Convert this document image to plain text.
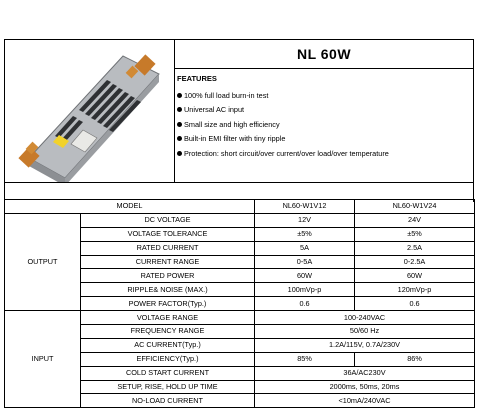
NL 60W
FEATURES
100% full load burn-in test
Universal AC input
Small size and high efficiency
Built-in EMI filter with tiny ripple
Protection: short circuit/over current/over load/over temperature
MODEL		NL60-W1V12	NL60-W1V24
OUTPUT	DC VOLTAGE	12V	24V
	VOLTAGE TOLERANCE	±5%	±5%
	RATED CURRENT	5A	2.5A
	CURRENT RANGE	0-5A	0-2.5A
	RATED POWER	60W	60W
	RIPPLE& NOISE (MAX.)	100mVp-p	120mVp-p
	POWER FACTOR(Typ.)	0.6	0.6
INPUT	VOLTAGE RANGE	100-240VAC	
	FREQUENCY RANGE	50/60 Hz	
	AC CURRENT(Typ.)	1.2A/115V, 0.7A/230V	
	EFFICIENCY(Typ.)	85%	86%
	COLD START CURRENT	36A/AC230V	
	SETUP, RISE, HOLD UP TIME	2000ms, 50ms, 20ms	
	NO-LOAD CURRENT	<10mA/240VAC	
